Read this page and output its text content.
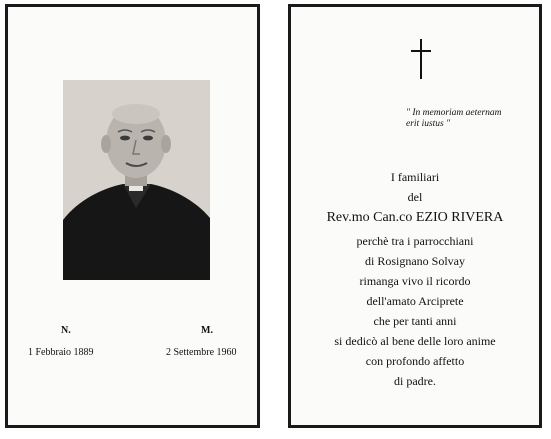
N.	M.
1 Febbraio 1889	2 Settembre 1960
" In memoriam aeternam
erit iustus "
I familiari
del
Rev.mo Can.co EZIO RIVERA
perchè tra i parrocchiani
di Rosignano Solvay
rimanga vivo il ricordo
dell'amato Arciprete
che per tanti anni
si dedicò al bene delle loro anime
con profondo affetto
di padre.
